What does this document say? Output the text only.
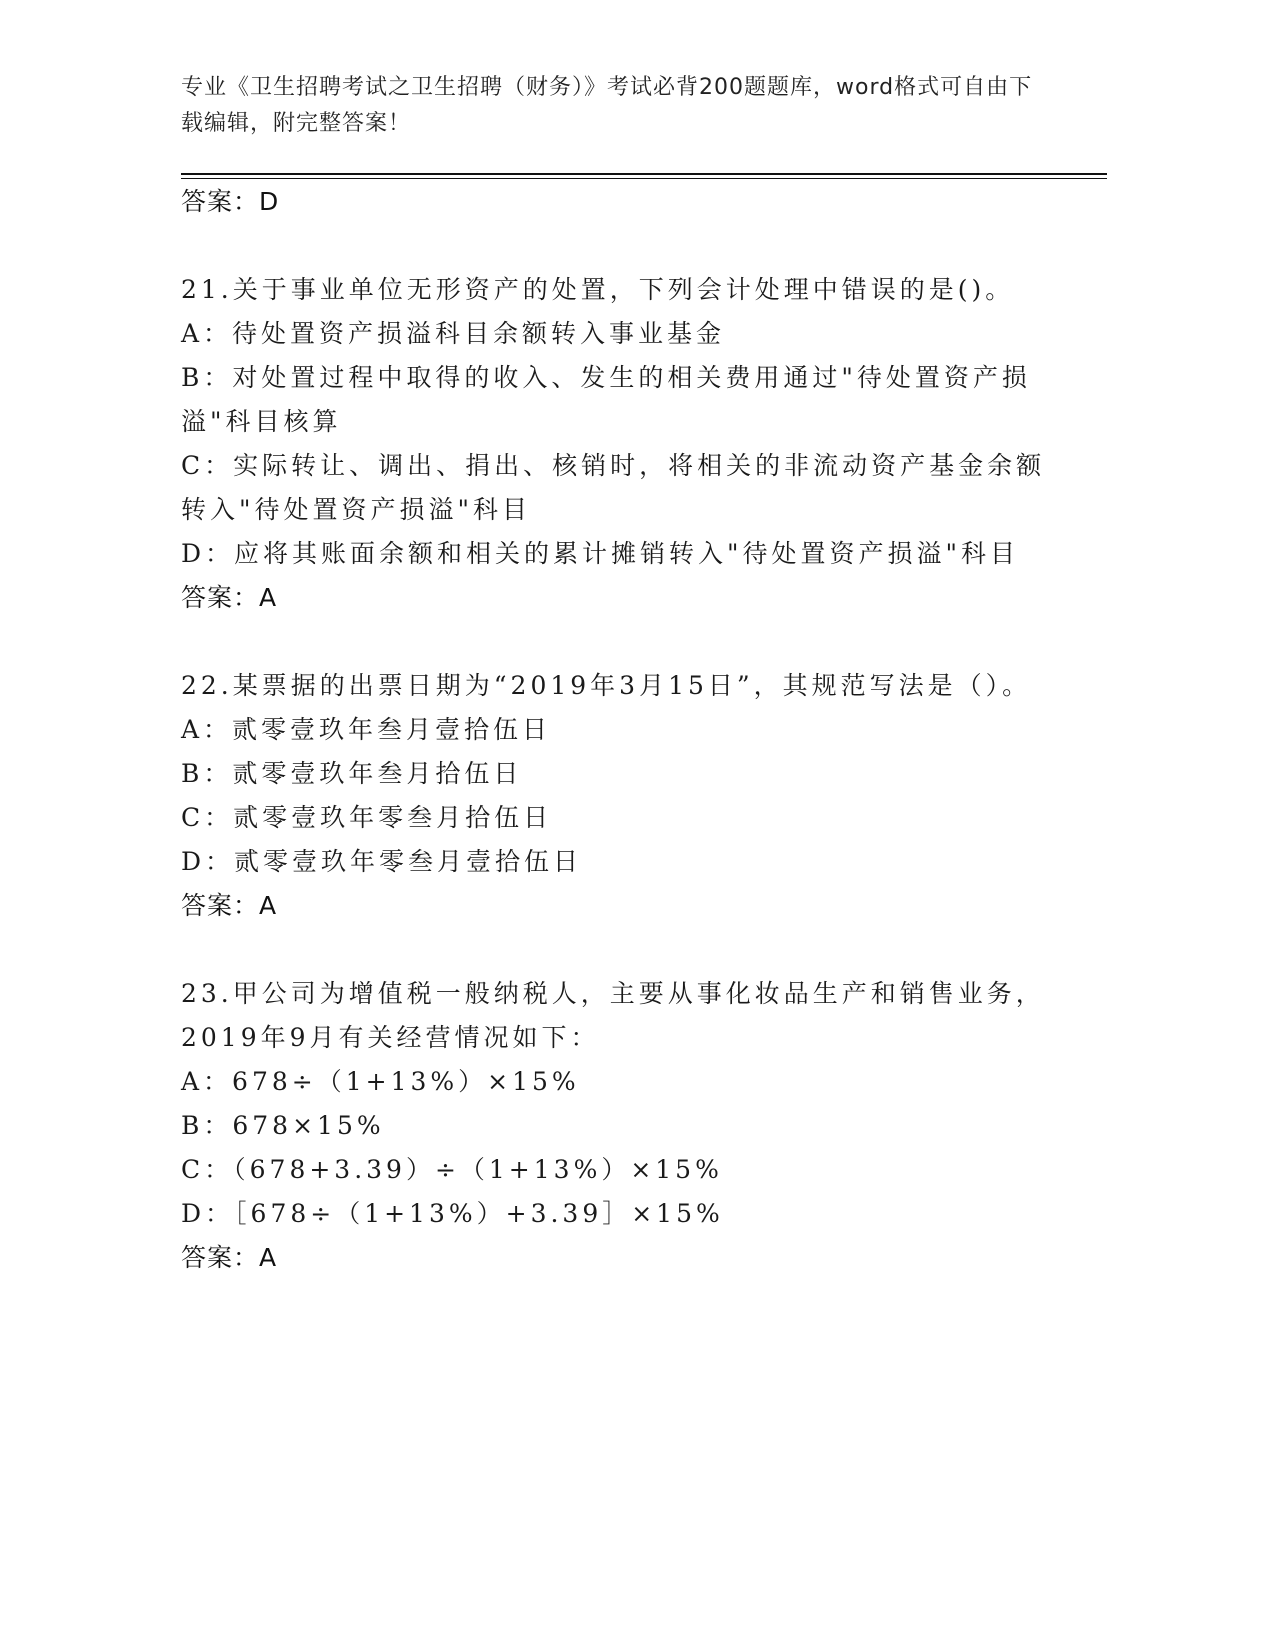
专业《卫生招聘考试之卫生招聘（财务）》考试必背200题题库，word格式可自由下载编辑，附完整答案！

答案：D

21.关于事业单位无形资产的处置，下列会计处理中错误的是()。

A：待处置资产损溢科目余额转入事业基金

B：对处置过程中取得的收入、发生的相关费用通过"待处置资产损溢"科目核算

C：实际转让、调出、捐出、核销时，将相关的非流动资产基金余额转入"待处置资产损溢"科目

D：应将其账面余额和相关的累计摊销转入"待处置资产损溢"科目

答案：A

22.某票据的出票日期为“2019年3月15日”，其规范写法是（）。

A：贰零壹玖年叁月壹拾伍日

B：贰零壹玖年叁月拾伍日

C：贰零壹玖年零叁月拾伍日

D：贰零壹玖年零叁月壹拾伍日

答案：A

23.甲公司为增值税一般纳税人，主要从事化妆品生产和销售业务，2019年9月有关经营情况如下：

A：678÷（1+13%）×15%

B：678×15%

C：（678+3.39）÷（1+13%）×15%

D：［678÷（1+13%）+3.39］×15%

答案：A
